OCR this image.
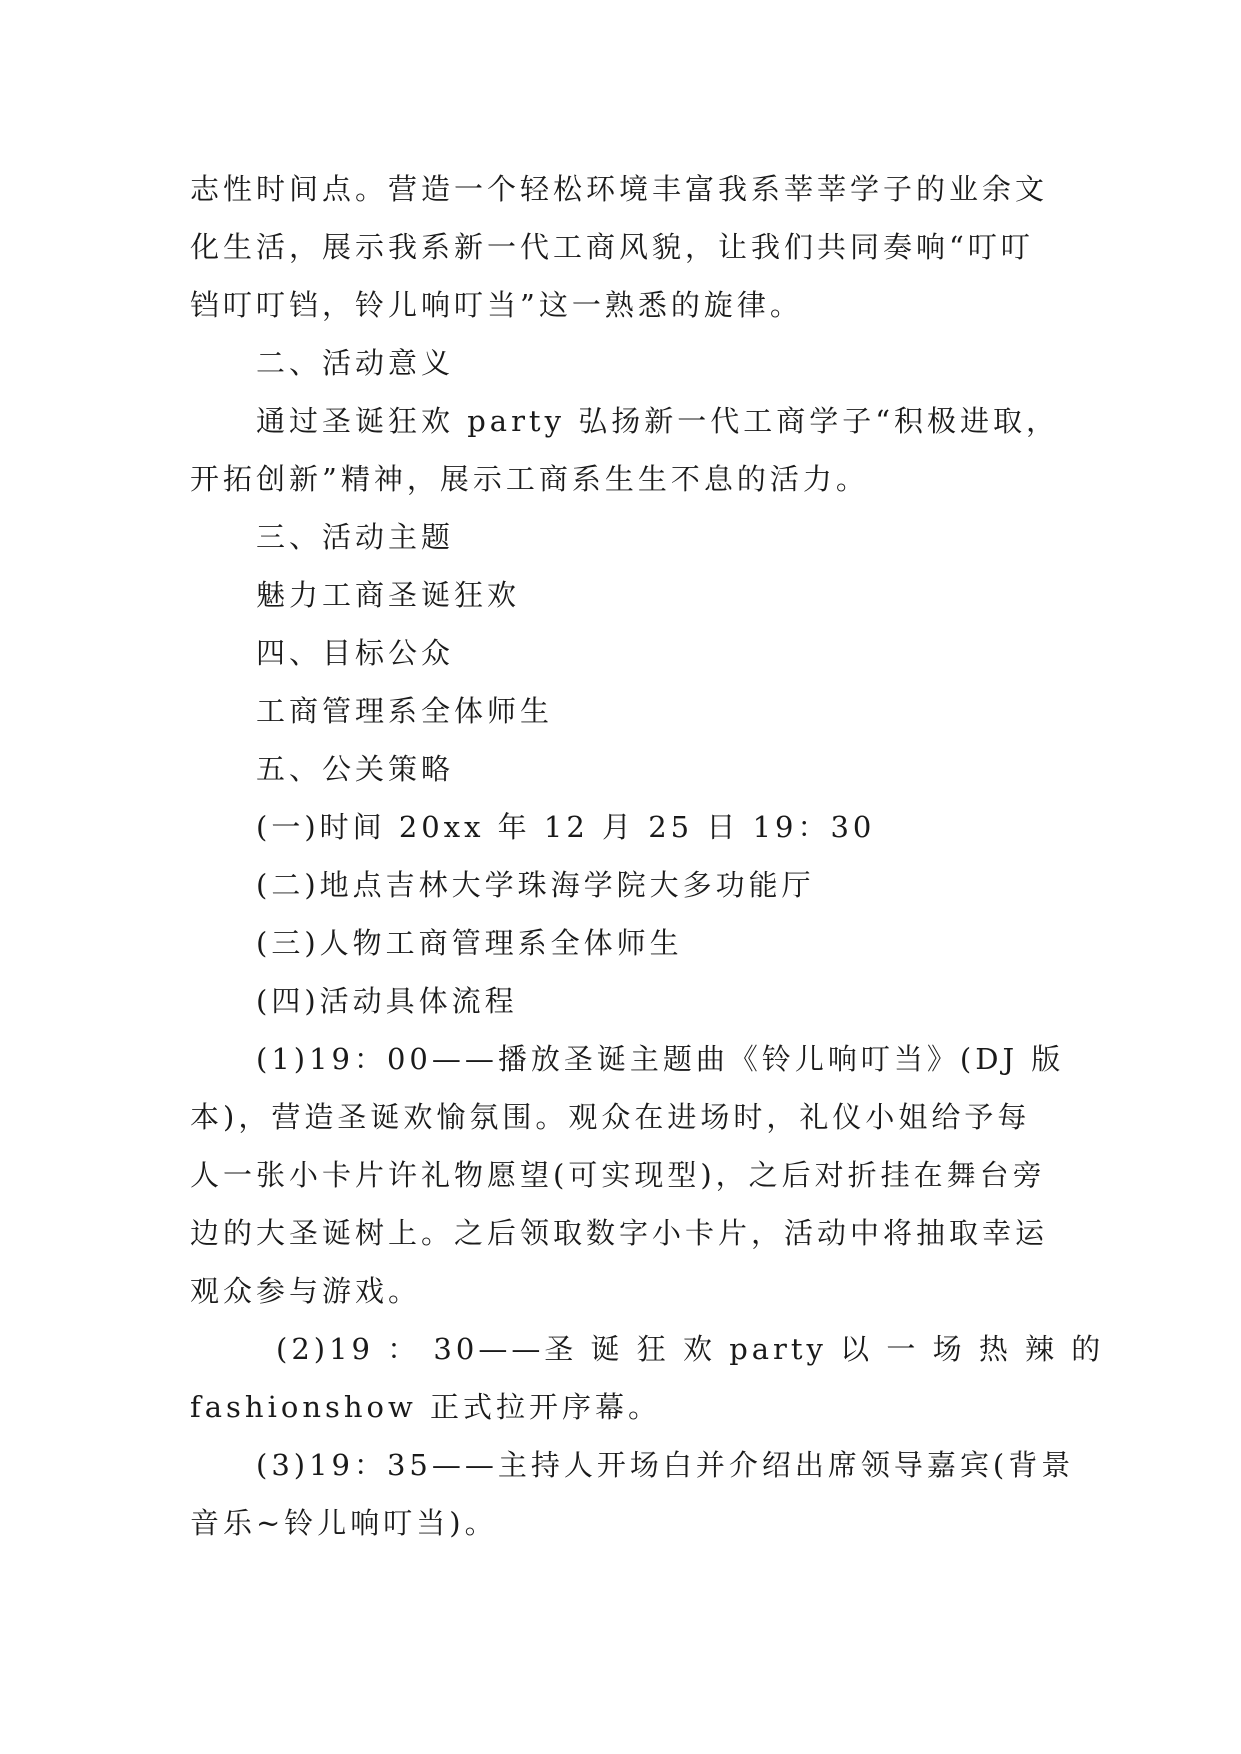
志性时间点。营造一个轻松环境丰富我系莘莘学子的业余文
化生活，展示我系新一代工商风貌，让我们共同奏响“叮叮
铛叮叮铛，铃儿响叮当”这一熟悉的旋律。
二、活动意义
通过圣诞狂欢 party 弘扬新一代工商学子“积极进取，
开拓创新”精神，展示工商系生生不息的活力。
三、活动主题
魅力工商圣诞狂欢
四、目标公众
工商管理系全体师生
五、公关策略
(一)时间 20xx 年 12 月 25 日 19：30
(二)地点吉林大学珠海学院大多功能厅
(三)人物工商管理系全体师生
(四)活动具体流程
(1)19：00——播放圣诞主题曲《铃儿响叮当》(DJ 版
本)，营造圣诞欢愉氛围。观众在进场时，礼仪小姐给予每
人一张小卡片许礼物愿望(可实现型)，之后对折挂在舞台旁
边的大圣诞树上。之后领取数字小卡片，活动中将抽取幸运
观众参与游戏。
(2)19 ： 30——圣 诞 狂 欢 party 以 一 场 热 辣 的
fashionshow 正式拉开序幕。
(3)19：35——主持人开场白并介绍出席领导嘉宾(背景
音乐~铃儿响叮当)。
